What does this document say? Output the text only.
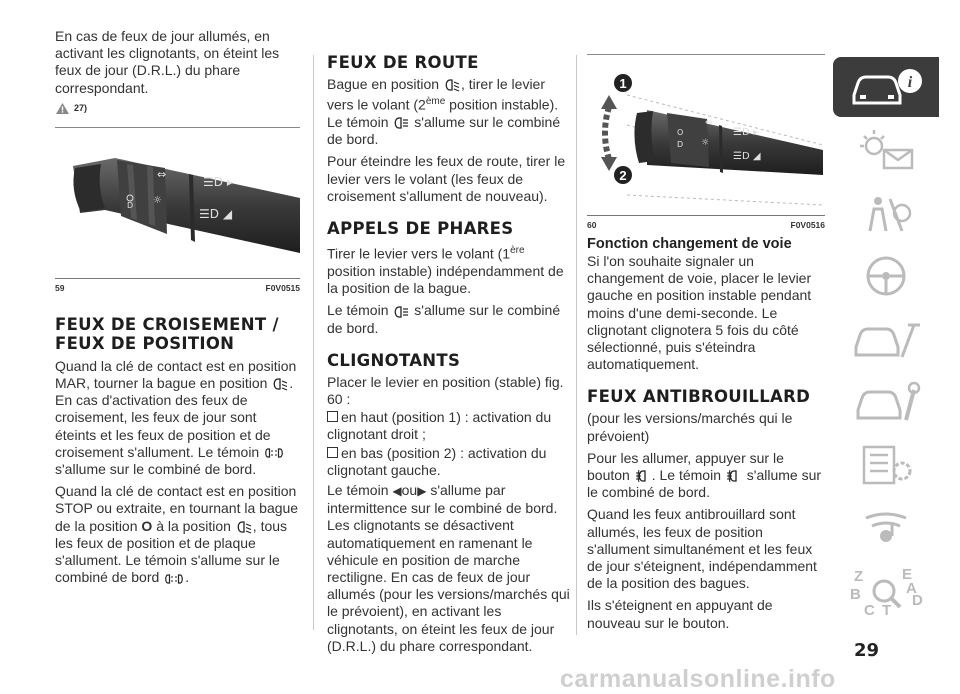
En cas de feux de jour allumés, en activant les clignotants, on éteint les feux de jour (D.R.L.) du phare correspondant.

27)
⇔
D ☼
☰D ▸
☰D ◢
59	F0V0515

FEUX DE CROISEMENT /

FEUX DE POSITION

Quand la clé de contact est en position MAR, tourner la bague en position . En cas d'activation des feux de croisement, les feux de jour sont éteints et les feux de position et de croisement s'allument. Le témoin  s'allume sur le combiné de bord.

Quand la clé de contact est en position STOP ou extraite, en tournant la bague de la position O à la position , tous les feux de position et de plaque s'allument. Le témoin s'allume sur le combiné de bord .

FEUX DE ROUTE

Bague en position , tirer le levier vers le volant (2ème position instable). Le témoin s'allume sur le combiné de bord.

Pour éteindre les feux de route, tirer le levier vers le volant (les feux de croisement s'allument de nouveau).

APPELS DE PHARES

Tirer le levier vers le volant (1ère position instable) indépendamment de la position de la bague.

Le témoin s'allume sur le combiné de bord.

CLIGNOTANTS

Placer le levier en position (stable) fig. 60 :

en haut (position 1) : activation du clignotant droit ;

en bas (position 2) : activation du clignotant gauche.

Le témoin ◀ou▶ s'allume par intermittence sur le combiné de bord. Les clignotants se désactivent automatiquement en ramenant le véhicule en position de marche rectiligne. En cas de feux de jour allumés (pour les versions/marchés qui le prévoient), en activant les clignotants, on éteint les feux de jour (D.R.L.) du phare correspondant.

⇔
O
D ☼
☰D ▸
☰D ◢
1
2
60	F0V0516

Fonction changement de voie

Si l'on souhaite signaler un changement de voie, placer le levier gauche en position instable pendant moins d'une demi-seconde. Le clignotant clignotera 5 fois du côté sélectionné, puis s'éteindra automatiquement.

FEUX ANTIBROUILLARD

(pour les versions/marchés qui le prévoient)

Pour les allumer, appuyer sur le bouton . Le témoin s'allume sur le combiné de bord.

Quand les feux antibrouillard sont allumés, les feux de position s'allument simultanément et les feux de jour s'éteignent, indépendamment de la position des bagues.

Ils s'éteignent en appuyant de nouveau sur le bouton.

i
Z	E
B
C T
D
A
29
carmanualsonline.info
